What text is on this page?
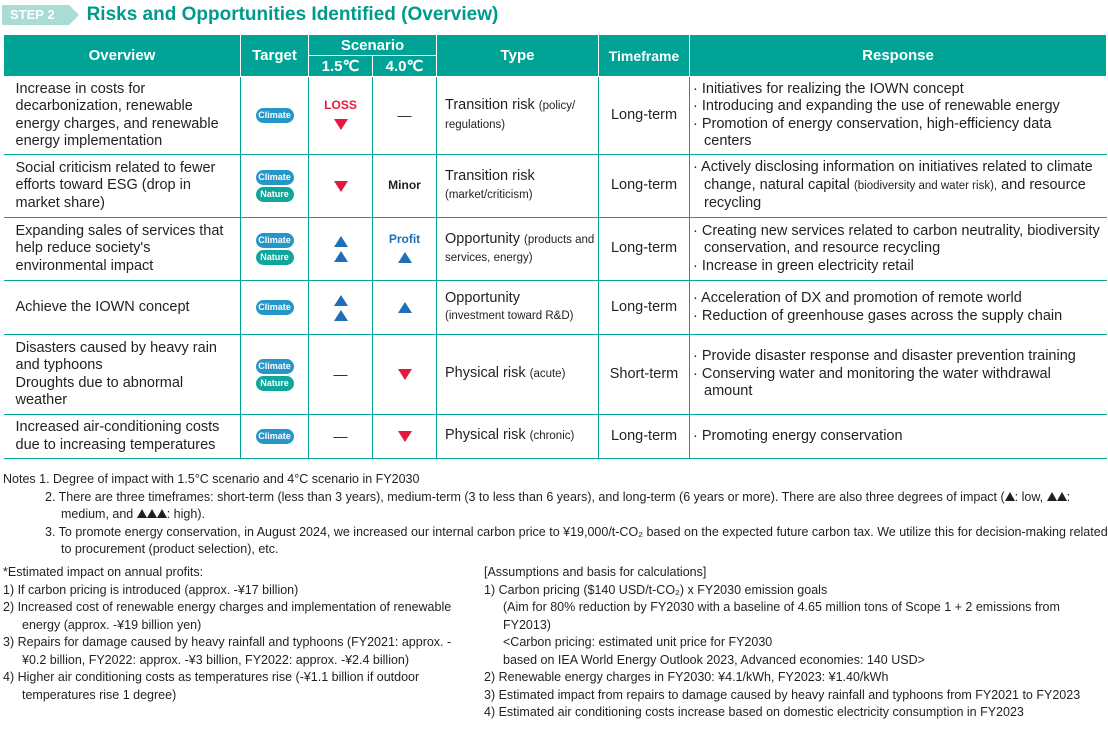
STEP 2	Risks and Opportunities Identified (Overview)
Overview	Target	Scenario		Type	Timeframe	Response
		1.5℃	4.0℃			
Increase in costs for decarbonization, renewable energy charges, and renewable energy implementation	Climate	LOSS	—	Transition risk (policy/ regulations)	Long-term	· Initiatives for realizing the IOWN concept
· Introducing and expanding the use of renewable energy
· Promotion of energy conservation, high-efficiency data centers

Social criticism related to fewer efforts toward ESG (drop in market share)	Climate
Nature		Minor	Transition risk
(market/criticism)	Long-term	· Actively disclosing information on initiatives related to climate change, natural capital (biodiversity and water risk), and resource recycling

Expanding sales of services that help reduce society's environmental impact	Climate
Nature		Profit	Opportunity (products and services, energy)	Long-term	· Creating new services related to carbon neutrality, biodiversity conservation, and resource recycling
· Increase in green electricity retail

Achieve the IOWN concept	Climate			Opportunity
(investment toward R&D)	Long-term	· Acceleration of DX and promotion of remote world
· Reduction of greenhouse gases across the supply chain

Disasters caused by heavy rain and typhoons
Droughts due to abnormal weather	Climate
Nature	—		Physical risk (acute)	Short-term	· Provide disaster response and disaster prevention training
· Conserving water and monitoring the water withdrawal amount

Increased air-conditioning costs due to increasing temperatures	Climate	—		Physical risk (chronic)	Long-term	· Promoting energy conservation
Notes 1. Degree of impact with 1.5°C scenario and 4°C scenario in FY2030
2. There are three timeframes: short-term (less than 3 years), medium-term (3 to less than 6 years), and long-term (6 years or more). There are also three degrees of impact ( : low, : medium, and : high).
3. To promote energy conservation, in August 2024, we increased our internal carbon price to ¥19,000/t-CO₂ based on the expected future carbon tax. We utilize this for decision-making related to procurement (product selection), etc.
*Estimated impact on annual profits:
1) If carbon pricing is introduced (approx. -¥17 billion)
2) Increased cost of renewable energy charges and implementation of renewable energy (approx. -¥19 billion yen)
3) Repairs for damage caused by heavy rainfall and typhoons (FY2021: approx. -¥0.2 billion, FY2022: approx. -¥3 billion, FY2022: approx. -¥2.4 billion)
4) Higher air conditioning costs as temperatures rise (-¥1.1 billion if outdoor temperatures rise 1 degree)
[Assumptions and basis for calculations]
1) Carbon pricing ($140 USD/t-CO₂) x FY2030 emission goals
(Aim for 80% reduction by FY2030 with a baseline of 4.65 million tons of Scope 1 + 2 emissions from FY2013)
<Carbon pricing: estimated unit price for FY2030
based on IEA World Energy Outlook 2023, Advanced economies: 140 USD>
2) Renewable energy charges in FY2030: ¥4.1/kWh, FY2023: ¥1.40/kWh
3) Estimated impact from repairs to damage caused by heavy rainfall and typhoons from FY2021 to FY2023
4) Estimated air conditioning costs increase based on domestic electricity consumption in FY2023
